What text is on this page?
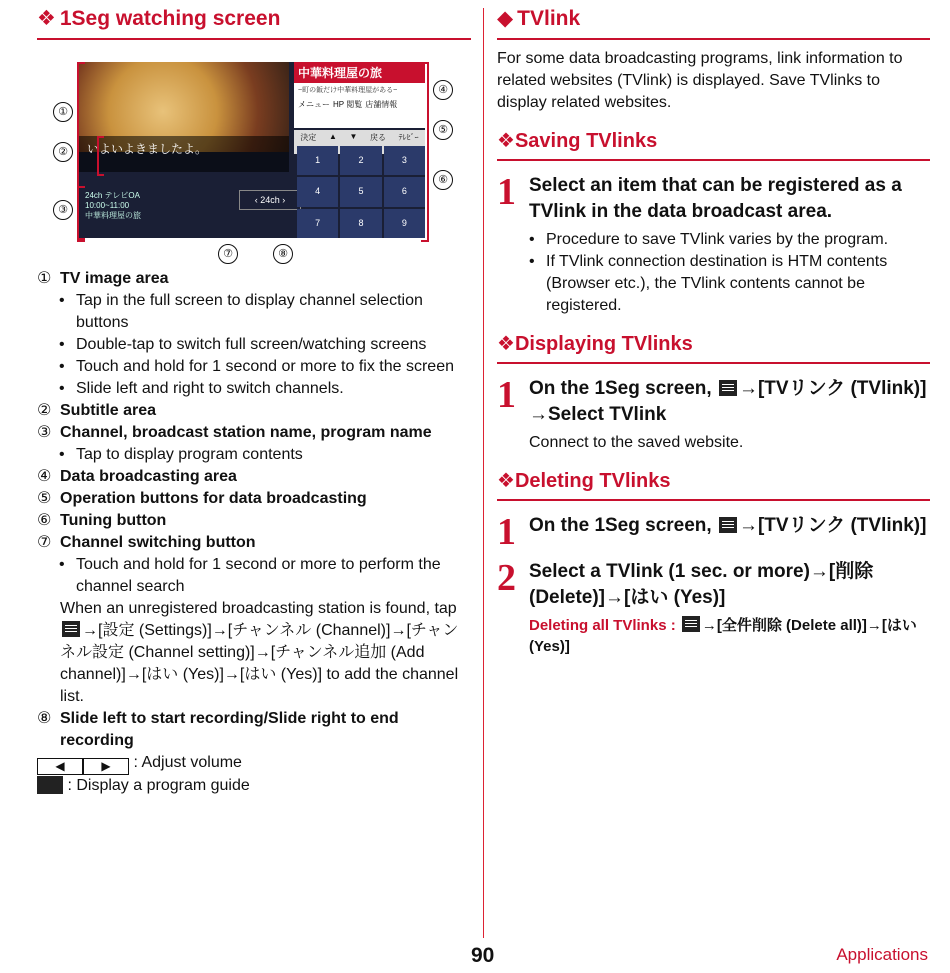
❖ 1Seg watching screen
いよいよきましたよ。
24ch テレビOA
10:00~11:00
中華料理屋の旅
‹ 24ch ›
中華料理屋の旅
~町の飯だけ中華料理屋がある~
メニュー HP 閲覧 店舗情報
決定 ▲ ▼ 戻る ﾃﾚﾋﾞｰ
1	2	3
4	5	6
7	8	9
①
②
③
④
⑤
⑥
⑦	⑧
① TV image area
• Tap in the full screen to display channel selection buttons
• Double-tap to switch full screen/watching screens
• Touch and hold for 1 second or more to fix the screen
• Slide left and right to switch channels.
② Subtitle area
③ Channel, broadcast station name, program name
• Tap to display program contents
④ Data broadcasting area
⑤ Operation buttons for data broadcasting
⑥ Tuning button
⑦ Channel switching button
• Touch and hold for 1 second or more to perform the channel search
When an unregistered broadcasting station is found, tap
→[設定 (Settings)]→[チャンネル (Channel)]→[チャンネル設定 (Channel setting)]→[チャンネル追加 (Add channel)]→[はい (Yes)]→[はい (Yes)] to add the channel list.
⑧ Slide left to start recording/Slide right to end recording
◀	▶ : Adjust volume
: Display a program guide
◆ TVlink
For some data broadcasting programs, link information to related websites (TVlink) is displayed. Save TVlinks to display related websites.
❖Saving TVlinks
1 Select an item that can be registered as a TVlink in the data broadcast area.
• Procedure to save TVlink varies by the program.
• If TVlink connection destination is HTM contents (Browser etc.), the TVlink contents cannot be registered.
❖Displaying TVlinks
1 On the 1Seg screen, →[TVリンク (TVlink)] →Select TVlink
Connect to the saved website.
❖Deleting TVlinks
1 On the 1Seg screen, →[TVリンク (TVlink)]
2 Select a TVlink (1 sec. or more)→[削除 (Delete)]→[はい (Yes)]
Deleting all TVlinks : →[全件削除 (Delete all)]→[はい (Yes)]
90	Applications
